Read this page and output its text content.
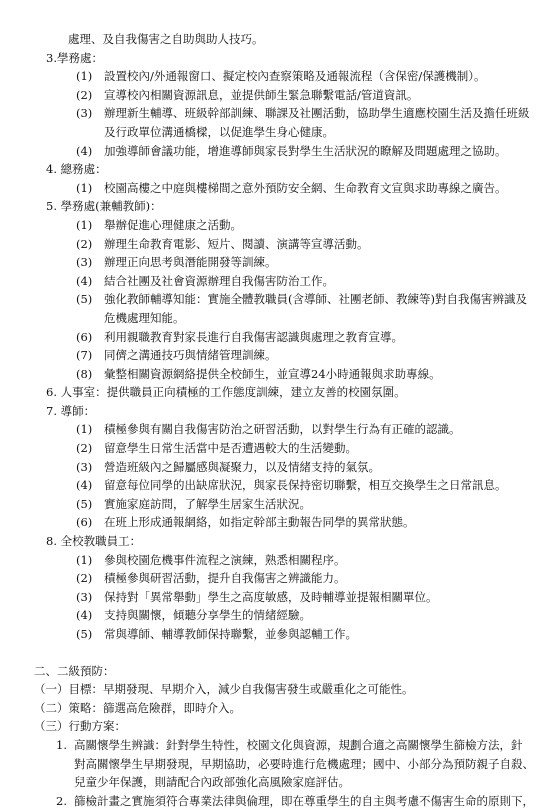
處理、及自我傷害之自助與助人技巧。
3.學務處：
(1)	設置校內/外通報窗口、擬定校內查察策略及通報流程（含保密/保護機制）。
(2)	宣導校內相關資源訊息，並提供師生緊急聯繫電話/管道資訊。
(3)	辦理新生輔導、班級幹部訓練、聯課及社團活動，協助學生適應校園生活及擔任班級
及行政單位溝通橋樑，以促進學生身心健康。
(4)	加強導師會議功能，增進導師與家長對學生生活狀況的瞭解及問題處理之協助。
4. 總務處：
(1)	校園高樓之中庭與樓梯間之意外預防安全網、生命教育文宣與求助專線之廣告。
5. 學務處(兼輔教師)：
(1)	舉辦促進心理健康之活動。
(2)	辦理生命教育電影、短片、閱讀、演講等宣導活動。
(3)	辦理正向思考與潛能開發等訓練。
(4)	結合社團及社會資源辦理自我傷害防治工作。
(5)	強化教師輔導知能：實施全體教職員(含導師、社團老師、教練等)對自我傷害辨識及
危機處理知能。
(6)	利用親職教育對家長進行自我傷害認識與處理之教育宣導。
(7)	同儕之溝通技巧與情緒管理訓練。
(8)	彙整相關資源網絡提供全校師生，並宣導24小時通報與求助專線。
6. 人事室：提供職員正向積極的工作態度訓練，建立友善的校園氛圍。
7. 導師：
(1)	積極參與有關自我傷害防治之研習活動，以對學生行為有正確的認識。
(2)	留意學生日常生活當中是否遭遇較大的生活變動。
(3)	營造班級內之歸屬感與凝聚力，以及情緒支持的氣氛。
(4)	留意每位同學的出缺席狀況，與家長保持密切聯繫，相互交換學生之日常訊息。
(5)	實施家庭訪問，了解學生居家生活狀況。
(6)	在班上形成通報網絡，如指定幹部主動報告同學的異常狀態。
8. 全校教職員工：
(1)	參與校園危機事件流程之演練，熟悉相關程序。
(2)	積極參與研習活動，提升自我傷害之辨識能力。
(3)	保持對「異常舉動」學生之高度敏感，及時輔導並提報相關單位。
(4)	支持與關懷，傾聽分享學生的情緒經驗。
(5)	常與導師、輔導教師保持聯繫，並參與認輔工作。
二、二級預防：
（一）目標：早期發現、早期介入，減少自我傷害發生或嚴重化之可能性。
（二）策略：篩選高危險群，即時介入。
（三）行動方案：
1. 高關懷學生辨識：針對學生特性，校園文化與資源，規劃合適之高關懷學生篩檢方法，針
對高關懷學生早期發現，早期協助，必要時進行危機處理；國中、小部分為預防親子自殺、
兒童少年保護，則請配合內政部強化高風險家庭評估。
2. 篩檢計畫之實施須符合專業法律與倫理，即在尊重學生的自主與考慮不傷害生命的原則下，
